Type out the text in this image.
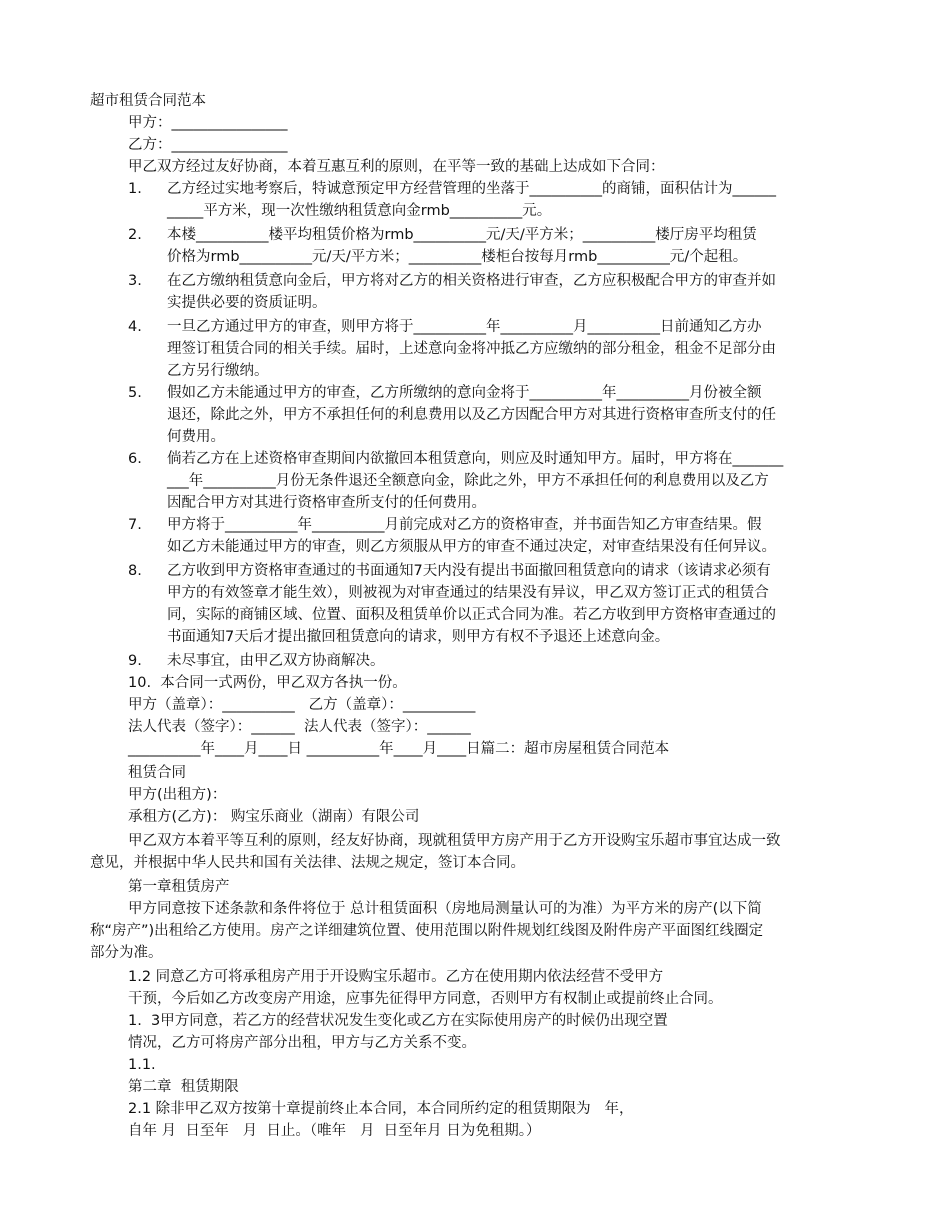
超市租赁合同范本
甲方：________________
乙方：________________
甲乙双方经过友好协商，本着互惠互利的原则，在平等一致的基础上达成如下合同：
1. 乙方经过实地考察后，特诚意预定甲方经营管理的坐落于__________的商铺，面积估计为______
_____平方米，现一次性缴纳租赁意向金rmb__________元。
2. 本楼__________楼平均租赁价格为rmb__________元/天/平方米；__________楼厅房平均租赁
价格为rmb__________元/天/平方米；__________楼柜台按每月rmb__________元/个起租。
3. 在乙方缴纳租赁意向金后，甲方将对乙方的相关资格进行审查，乙方应积极配合甲方的审查并如
实提供必要的资质证明。
4. 一旦乙方通过甲方的审查，则甲方将于__________年__________月__________日前通知乙方办
理签订租赁合同的相关手续。届时，上述意向金将冲抵乙方应缴纳的部分租金，租金不足部分由
乙方另行缴纳。
5. 假如乙方未能通过甲方的审查，乙方所缴纳的意向金将于__________年__________月份被全额
退还，除此之外，甲方不承担任何的利息费用以及乙方因配合甲方对其进行资格审查所支付的任
何费用。
6. 倘若乙方在上述资格审查期间内欲撤回本租赁意向，则应及时通知甲方。届时，甲方将在_______
___年__________月份无条件退还全额意向金，除此之外，甲方不承担任何的利息费用以及乙方
因配合甲方对其进行资格审查所支付的任何费用。
7. 甲方将于__________年__________月前完成对乙方的资格审查，并书面告知乙方审查结果。假
如乙方未能通过甲方的审查，则乙方须服从甲方的审查不通过决定，对审查结果没有任何异议。
8. 乙方收到甲方资格审查通过的书面通知7天内没有提出书面撤回租赁意向的请求（该请求必须有
甲方的有效签章才能生效），则被视为对审查通过的结果没有异议，甲乙双方签订正式的租赁合
同，实际的商铺区域、位置、面积及租赁单价以正式合同为准。若乙方收到甲方资格审查通过的
书面通知7天后才提出撤回租赁意向的请求，则甲方有权不予退还上述意向金。
9. 未尽事宜，由甲乙双方协商解决。
10.  本合同一式两份，甲乙双方各执一份。
甲方（盖章）：__________   乙方（盖章）：__________
法人代表（签字）：______  法人代表（签字）：______
__________年____月____日 __________年____月____日篇二：超市房屋租赁合同范本
租赁合同
甲方(出租方)：
承租方(乙方)： 购宝乐商业（湖南）有限公司
甲乙双方本着平等互利的原则，经友好协商，现就租赁甲方房产用于乙方开设购宝乐超市事宜达成一致
意见，并根据中华人民共和国有关法律、法规之规定，签订本合同。
第一章租赁房产
甲方同意按下述条款和条件将位于 总计租赁面积（房地局测量认可的为准）为平方米的房产(以下简
称“房产”)出租给乙方使用。房产之详细建筑位置、使用范围以附件规划红线图及附件房产平面图红线圈定
部分为准。
1.2 同意乙方可将承租房产用于开设购宝乐超市。乙方在使用期内依法经营不受甲方
干预，今后如乙方改变房产用途，应事先征得甲方同意，否则甲方有权制止或提前终止合同。
1.  3甲方同意，若乙方的经营状况发生变化或乙方在实际使用房产的时候仍出现空置
情况，乙方可将房产部分出租，甲方与乙方关系不变。
1.1.
第二章  租赁期限
2.1 除非甲乙双方按第十章提前终止本合同，本合同所约定的租赁期限为   年，
自年 月  日至年   月  日止。（唯年   月  日至年月 日为免租期。）
